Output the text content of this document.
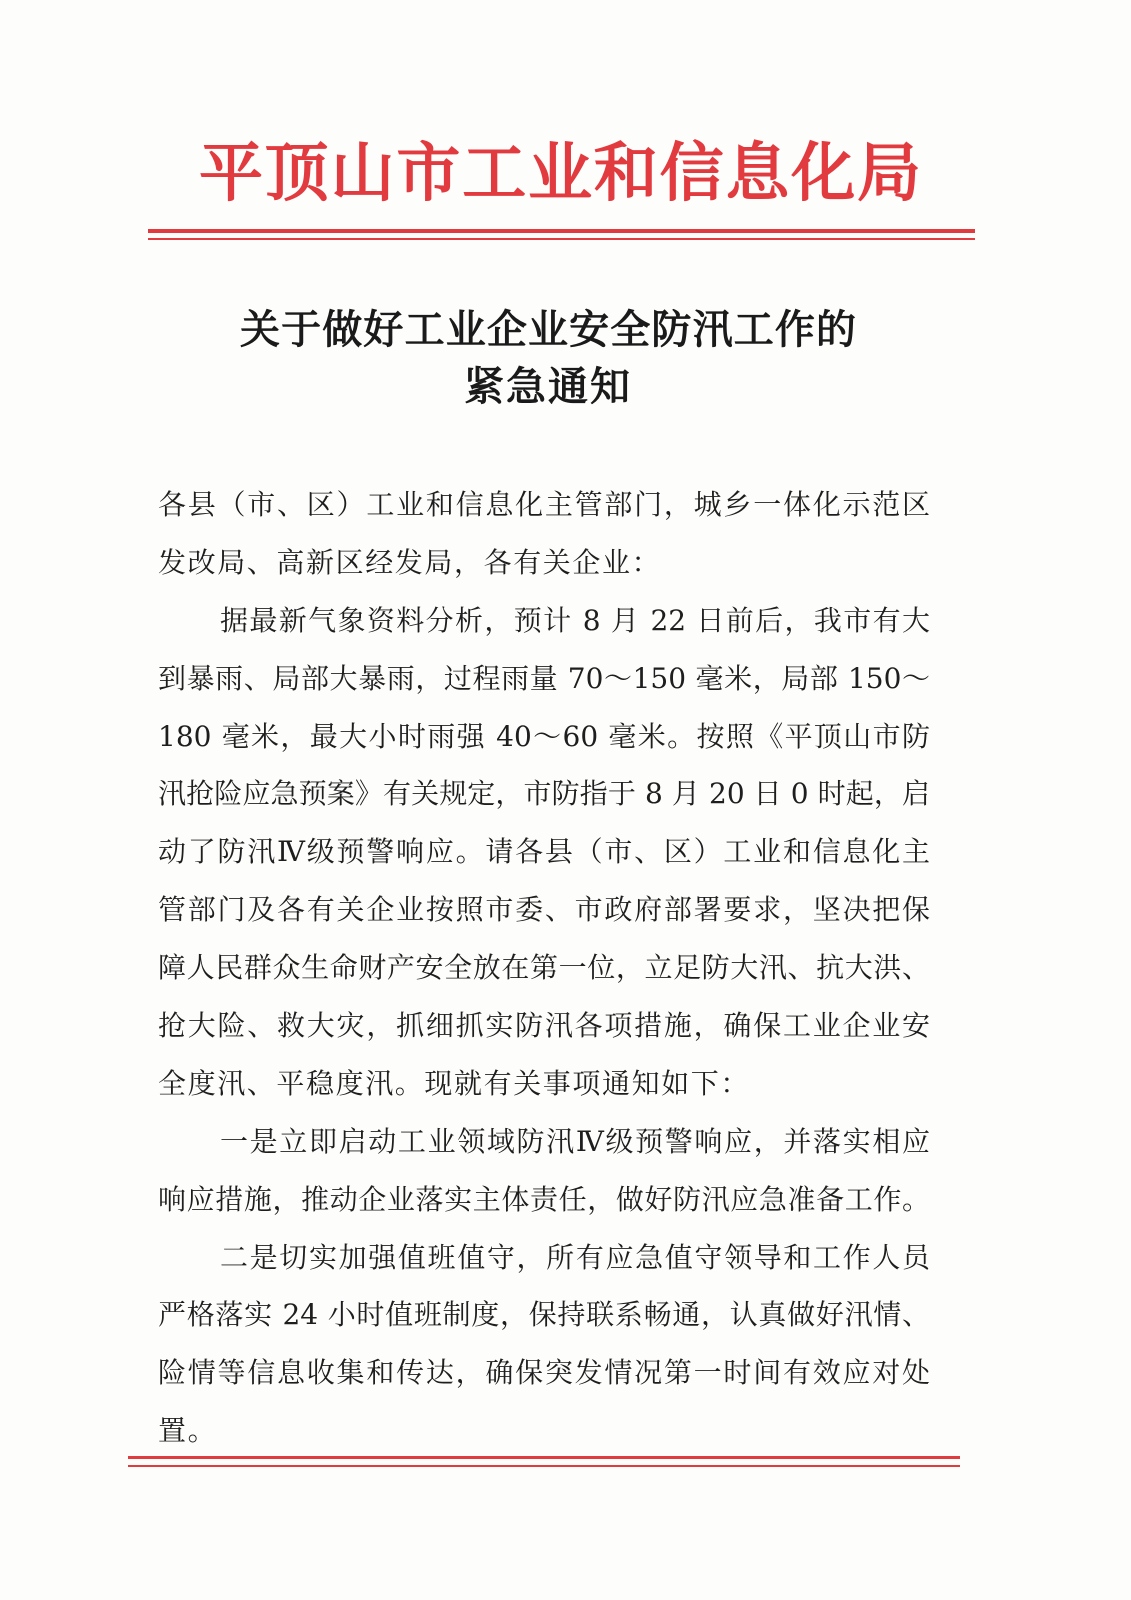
平顶山市工业和信息化局
关于做好工业企业安全防汛工作的
紧急通知
各县（市、区）工业和信息化主管部门，城乡一体化示范区
发改局、高新区经发局，各有关企业：
据最新气象资料分析，预计 8 月 22 日前后，我市有大
到暴雨、局部大暴雨，过程雨量 70～150 毫米，局部 150～
180 毫米，最大小时雨强 40～60 毫米。按照《平顶山市防
汛抢险应急预案》有关规定，市防指于 8 月 20 日 0 时起，启
动了防汛Ⅳ级预警响应。请各县（市、区）工业和信息化主
管部门及各有关企业按照市委、市政府部署要求，坚决把保
障人民群众生命财产安全放在第一位，立足防大汛、抗大洪、
抢大险、救大灾，抓细抓实防汛各项措施，确保工业企业安
全度汛、平稳度汛。现就有关事项通知如下：
一是立即启动工业领域防汛Ⅳ级预警响应，并落实相应
响应措施，推动企业落实主体责任，做好防汛应急准备工作。
二是切实加强值班值守，所有应急值守领导和工作人员
严格落实 24 小时值班制度，保持联系畅通，认真做好汛情、
险情等信息收集和传达，确保突发情况第一时间有效应对处
置。
